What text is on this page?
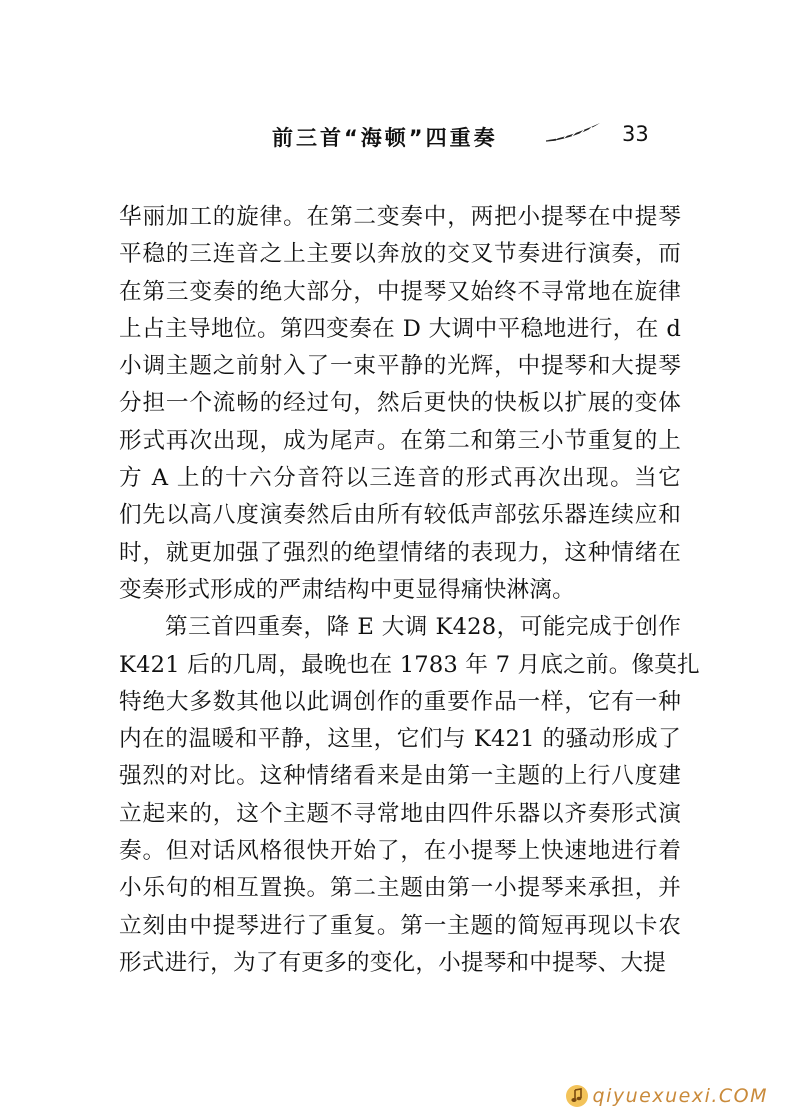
前三首“海顿”四重奏	33
华丽加工的旋律。在第二变奏中，两把小提琴在中提琴
平稳的三连音之上主要以奔放的交叉节奏进行演奏，而
在第三变奏的绝大部分，中提琴又始终不寻常地在旋律
上占主导地位。第四变奏在 D 大调中平稳地进行，在 d
小调主题之前射入了一束平静的光辉，中提琴和大提琴
分担一个流畅的经过句，然后更快的快板以扩展的变体
形式再次出现，成为尾声。在第二和第三小节重复的上
方 A 上的十六分音符以三连音的形式再次出现。当它
们先以高八度演奏然后由所有较低声部弦乐器连续应和
时，就更加强了强烈的绝望情绪的表现力，这种情绪在
变奏形式形成的严肃结构中更显得痛快淋漓。
第三首四重奏，降 E 大调 K428，可能完成于创作
K421 后的几周，最晚也在 1783 年 7 月底之前。像莫扎
特绝大多数其他以此调创作的重要作品一样，它有一种
内在的温暖和平静，这里，它们与 K421 的骚动形成了
强烈的对比。这种情绪看来是由第一主题的上行八度建
立起来的，这个主题不寻常地由四件乐器以齐奏形式演
奏。但对话风格很快开始了，在小提琴上快速地进行着
小乐句的相互置换。第二主题由第一小提琴来承担，并
立刻由中提琴进行了重复。第一主题的简短再现以卡农
形式进行，为了有更多的变化，小提琴和中提琴、大提
qiyuexuexi.COM
